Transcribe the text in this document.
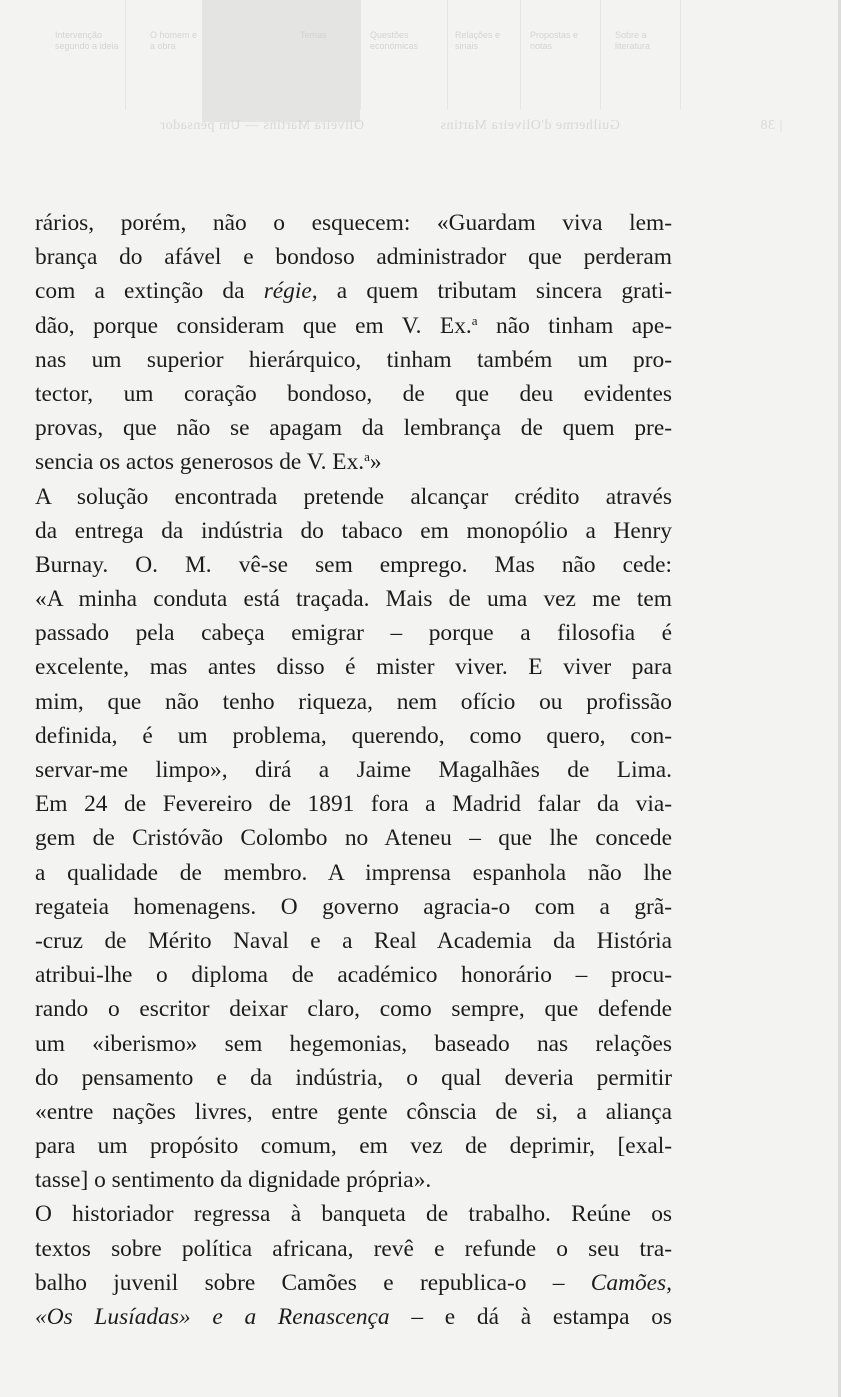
Intervenção segundo a ideia
O homem e a obra
Temas	Questões económicas
Relações e sinais
Propostas e notas
Sobre a literatura
Guilherme d'Oliveira Martins
Oliveira Martins — Um pensador	| 38
rários, porém, não o esquecem: «Guardam viva lem-
brança do afável e bondoso administrador que perderam
com a extinção da régie, a quem tributam sincera grati-
dão, porque consideram que em V. Ex.$^a$ não tinham ape-
nas um superior hierárquico, tinham também um pro-
tector, um coração bondoso, de que deu evidentes
provas, que não se apagam da lembrança de quem pre-
sencia os actos generosos de V. Ex.$^a$»
A solução encontrada pretende alcançar crédito através
da entrega da indústria do tabaco em monopólio a Henry
Burnay. O. M. vê-se sem emprego. Mas não cede:
«A minha conduta está traçada. Mais de uma vez me tem
passado pela cabeça emigrar – porque a filosofia é
excelente, mas antes disso é mister viver. E viver para
mim, que não tenho riqueza, nem ofício ou profissão
definida, é um problema, querendo, como quero, con-
servar-me limpo», dirá a Jaime Magalhães de Lima.
Em 24 de Fevereiro de 1891 fora a Madrid falar da via-
gem de Cristóvão Colombo no Ateneu – que lhe concede
a qualidade de membro. A imprensa espanhola não lhe
regateia homenagens. O governo agracia-o com a grã-
-cruz de Mérito Naval e a Real Academia da História
atribui-lhe o diploma de académico honorário – procu-
rando o escritor deixar claro, como sempre, que defende
um «iberismo» sem hegemonias, baseado nas relações
do pensamento e da indústria, o qual deveria permitir
«entre nações livres, entre gente cônscia de si, a aliança
para um propósito comum, em vez de deprimir, [exal-
tasse] o sentimento da dignidade própria».
O historiador regressa à banqueta de trabalho. Reúne os
textos sobre política africana, revê e refunde o seu tra-
balho juvenil sobre Camões e republica-o – Camões,
«Os Lusíadas» e a Renascença – e dá à estampa os
